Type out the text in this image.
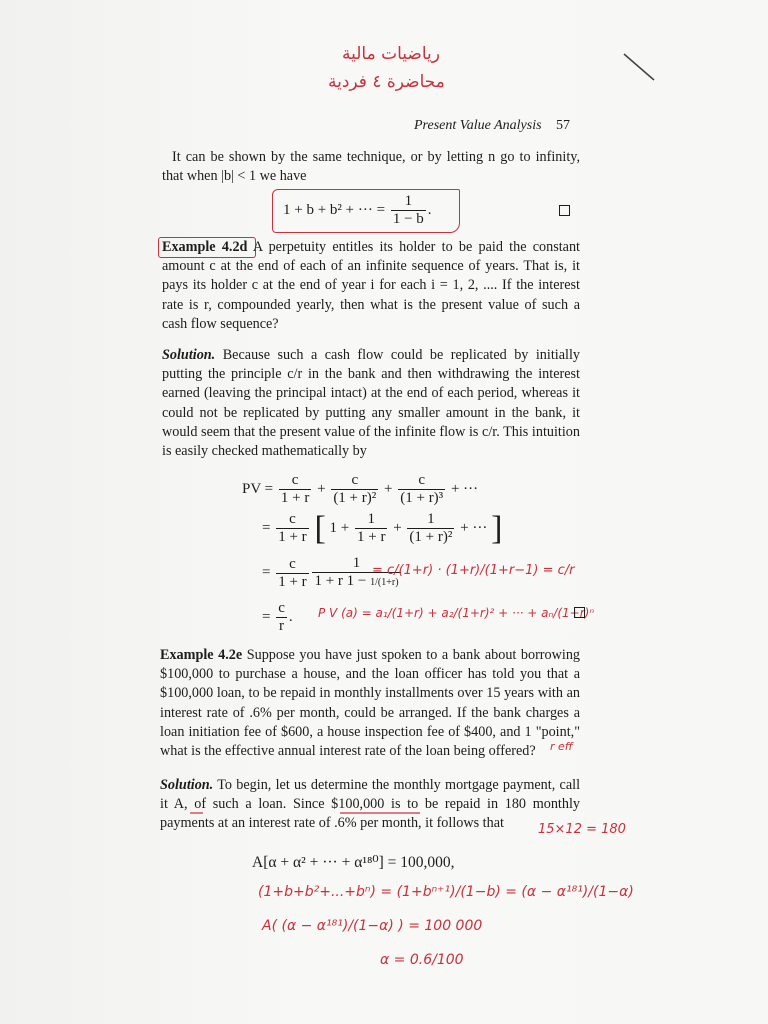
رياضيات مالية
محاضرة ٤ فردية
Present Value Analysis 57

It can be shown by the same technique, or by letting n go to infinity, that when |b| < 1 we have

1 + b + b² + ··· = $\frac{1}{1 - b}$ .

Example 4.2d A perpetuity entitles its holder to be paid the constant amount c at the end of each of an infinite sequence of years. That is, it pays its holder c at the end of year i for each i = 1, 2, .... If the interest rate is r, compounded yearly, then what is the present value of such a cash flow sequence?

Solution. Because such a cash flow could be replicated by initially putting the principle c/r in the bank and then withdrawing the interest earned (leaving the principal intact) at the end of each period, whereas it could not be replicated by putting any smaller amount in the bank, it would seem that the present value of the infinite flow is c/r. This intuition is easily checked mathematically by

PV = $\frac{c}{1 + r} + \frac{c}{\text{(1 + r)²}} + \frac{c}{\text{(1 + r)³}}$ + ···
= $\frac{c}{1 + r}$ [ $1 + \frac{1}{1 + r} + \frac{1}{\text{(1 + r)²}}$ + ··· ]
= $\frac{c}{1 + r}$
$\frac{1}{1 + r 1 - 1/(1+r)}$
= c/(1+r) · (1+r)/(1+r−1) = c/r
= $\frac{c}{r}$ . P V (a) = a₁/(1+r) + a₂/(1+r)² + ··· + aₙ/(1+r)ⁿ

Example 4.2e Suppose you have just spoken to a bank about borrowing $100,000 to purchase a house, and the loan officer has told you that a $100,000 loan, to be repaid in monthly installments over 15 years with an interest rate of .6% per month, could be arranged. If the bank charges a loan initiation fee of $600, a house inspection fee of $400, and 1 "point," what is the effective annual interest rate of the loan being offered?	r eff

Solution. To begin, let us determine the monthly mortgage payment, call it A, of such a loan. Since $100,000 is to be repaid in 180 monthly payments at an interest rate of .6% per month, it follows that	15×12 = 180
A[α + α² + ··· + α¹⁸⁰] = 100,000,
(1+b+b²+...+bⁿ) = (1+bⁿ⁺¹)/(1−b) = (α − α¹⁸¹)/(1−α)
A( (α − α¹⁸¹)/(1−α) ) = 100 000
α = 0.6/100
